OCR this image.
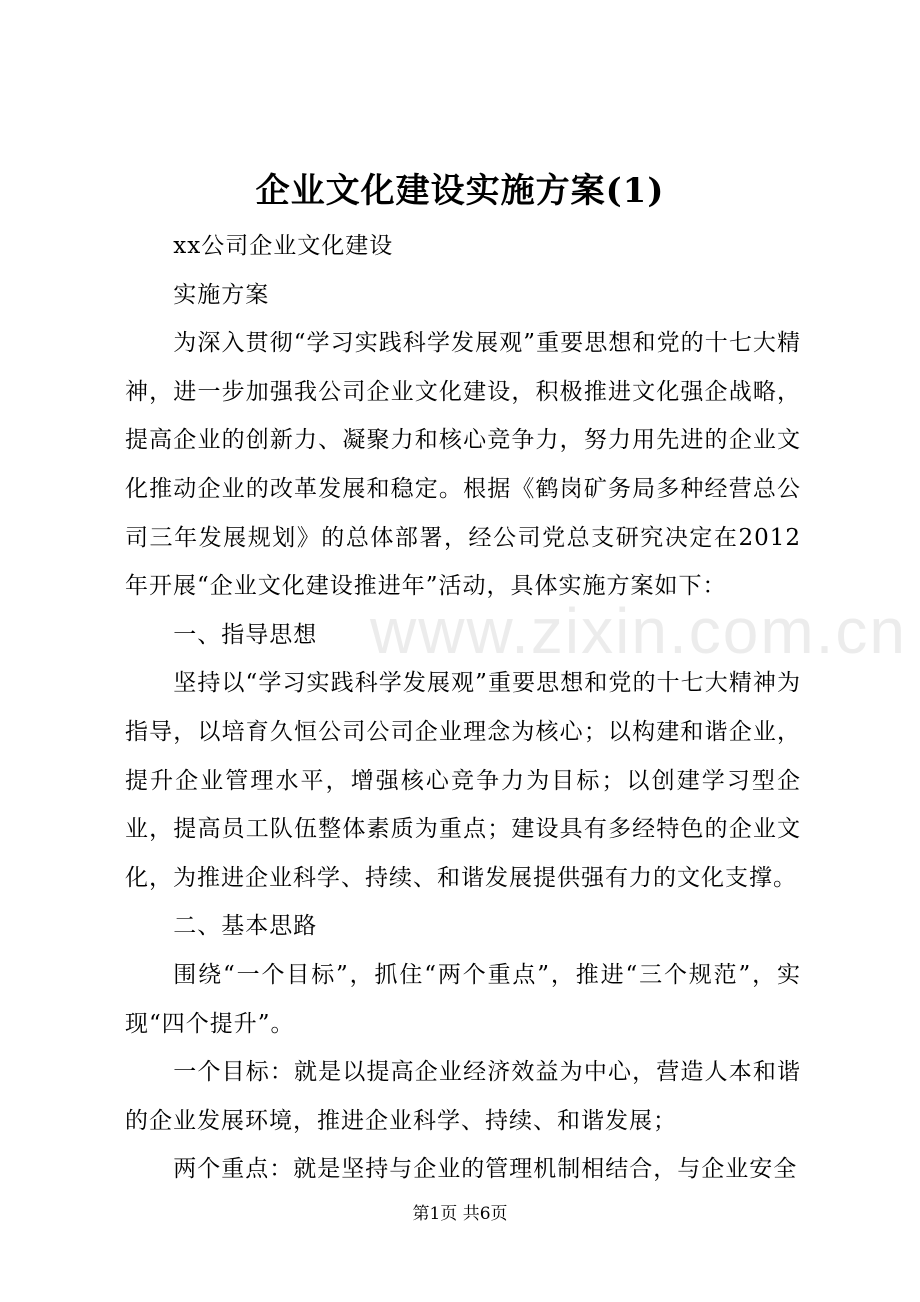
企业文化建设实施方案(1)
www.zixin.com.cn

xx公司企业文化建设

实施方案

为深入贯彻“学习实践科学发展观”重要思想和党的十七大精神，进一步加强我公司企业文化建设，积极推进文化强企战略，提高企业的创新力、凝聚力和核心竞争力，努力用先进的企业文化推动企业的改革发展和稳定。根据《鹤岗矿务局多种经营总公司三年发展规划》的总体部署，经公司党总支研究决定在2012年开展“企业文化建设推进年”活动，具体实施方案如下：

一、指导思想

坚持以“学习实践科学发展观”重要思想和党的十七大精神为指导，以培育久恒公司公司企业理念为核心；以构建和谐企业，提升企业管理水平，增强核心竞争力为目标；以创建学习型企业，提高员工队伍整体素质为重点；建设具有多经特色的企业文化，为推进企业科学、持续、和谐发展提供强有力的文化支撑。

二、基本思路

围绕“一个目标”，抓住“两个重点”，推进“三个规范”，实现“四个提升”。

一个目标：就是以提高企业经济效益为中心，营造人本和谐的企业发展环境，推进企业科学、持续、和谐发展；

两个重点：就是坚持与企业的管理机制相结合，与企业安全

第1页 共6页
